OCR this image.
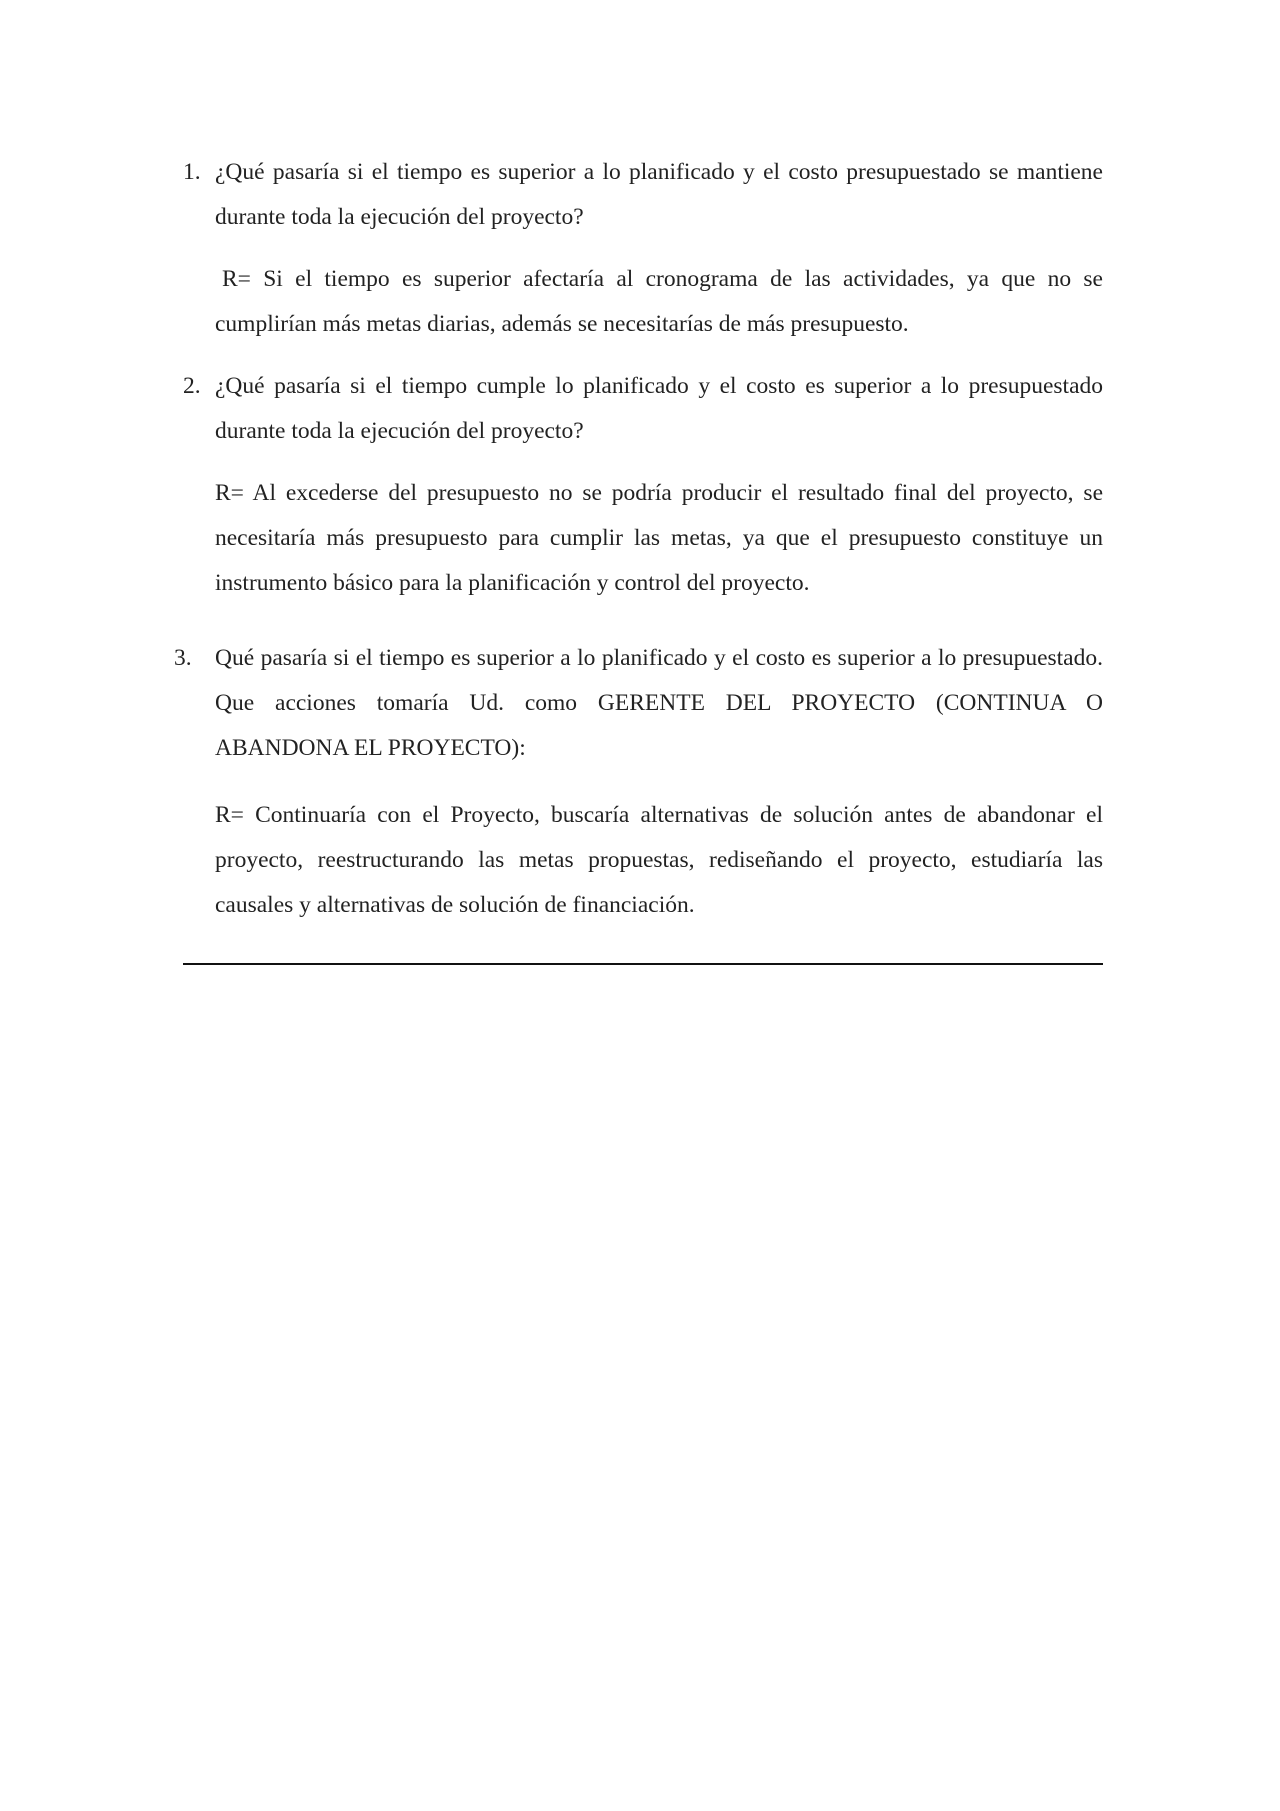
1. ¿Qué pasaría si el tiempo es superior a lo planificado y el costo presupuestado se mantiene durante toda la ejecución del proyecto?

R= Si el tiempo es superior afectaría al cronograma de las actividades, ya que no se cumplirían más metas diarias, además se necesitarías de más presupuesto.

2. ¿Qué pasaría si el tiempo cumple lo planificado y el costo es superior a lo presupuestado durante toda la ejecución del proyecto?

R= Al excederse del presupuesto no se podría producir el resultado final del proyecto, se necesitaría más presupuesto para cumplir las metas, ya que el presupuesto constituye un instrumento básico para la planificación y control del proyecto.

3. Qué pasaría si el tiempo es superior a lo planificado y el costo es superior a lo presupuestado. Que acciones tomaría Ud. como GERENTE DEL PROYECTO (CONTINUA O ABANDONA EL PROYECTO):

R= Continuaría con el Proyecto, buscaría alternativas de solución antes de abandonar el proyecto, reestructurando las metas propuestas, rediseñando el proyecto, estudiaría las causales y alternativas de solución de financiación.
